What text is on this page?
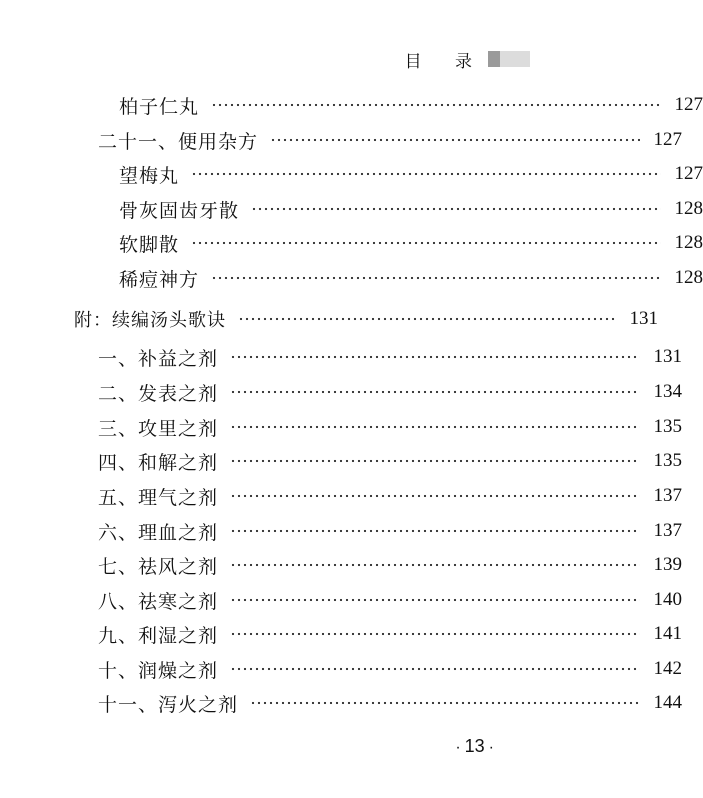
目 录
柏子仁丸	127
二十一、便用杂方	127
望梅丸	127
骨灰固齿牙散	128
软脚散	128
稀痘神方	128
附：续编汤头歌诀	131
一、补益之剂	131
二、发表之剂	134
三、攻里之剂	135
四、和解之剂	135
五、理气之剂	137
六、理血之剂	137
七、祛风之剂	139
八、祛寒之剂	140
九、利湿之剂	141
十、润燥之剂	142
十一、泻火之剂	144
· 13 ·
